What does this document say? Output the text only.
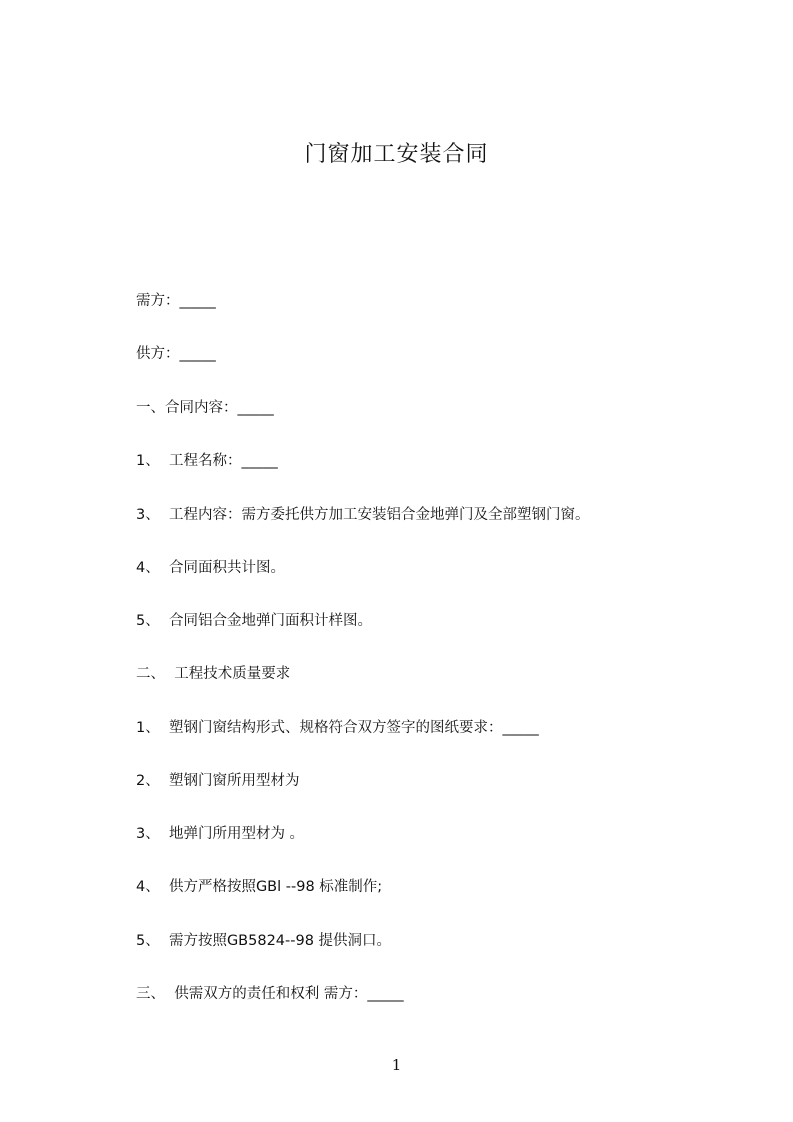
门窗加工安装合同
需方：_____
供方：_____
一、合同内容：_____
1、  工程名称：_____
3、  工程内容：需方委托供方加工安装铝合金地弹门及全部塑钢门窗。
4、  合同面积共计图。
5、  合同铝合金地弹门面积计样图。
二、  工程技术质量要求
1、  塑钢门窗结构形式、规格符合双方签字的图纸要求：_____
2、  塑钢门窗所用型材为
3、  地弹门所用型材为 。
4、  供方严格按照GBl --98 标准制作;
5、  需方按照GB5824--98 提供洞口。
三、  供需双方的责任和权利 需方：_____
1
